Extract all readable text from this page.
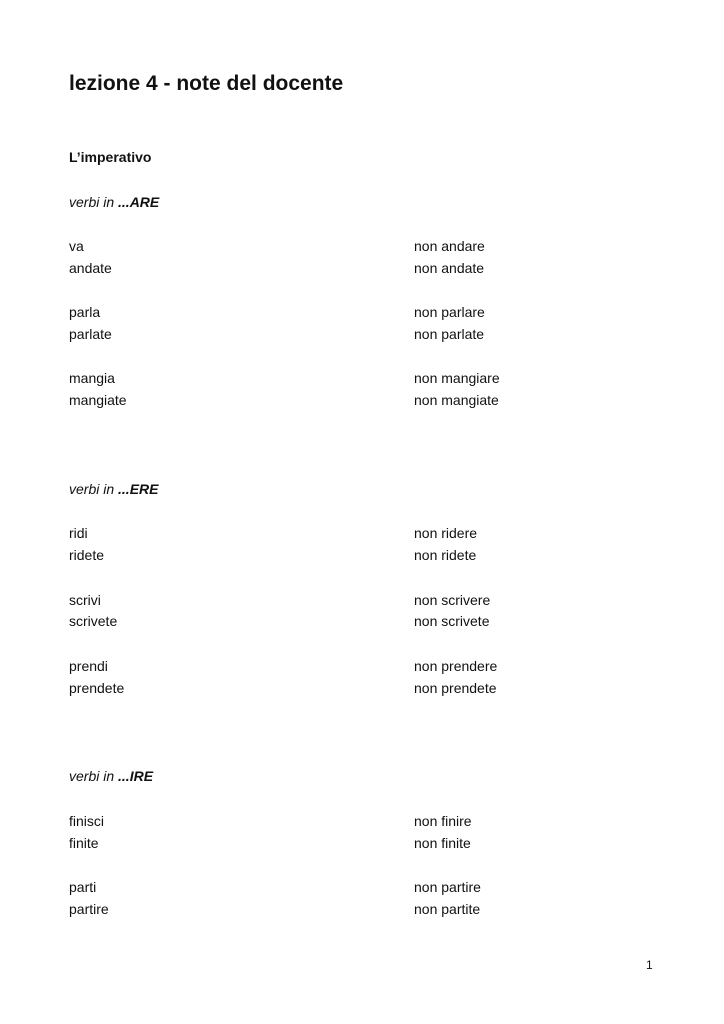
lezione 4 - note del docente
L’imperativo
verbi in ...ARE
va	non andare
andate	non andate
parla	non parlare
parlate	non parlate
mangia	non mangiare
mangiate	non mangiate
verbi in ...ERE
ridi	non ridere
ridete	non ridete
scrivi	non scrivere
scrivete	non scrivete
prendi	non prendere
prendete	non prendete
verbi in ...IRE
finisci	non finire
finite	non finite
parti	non partire
partire	non partite
1
